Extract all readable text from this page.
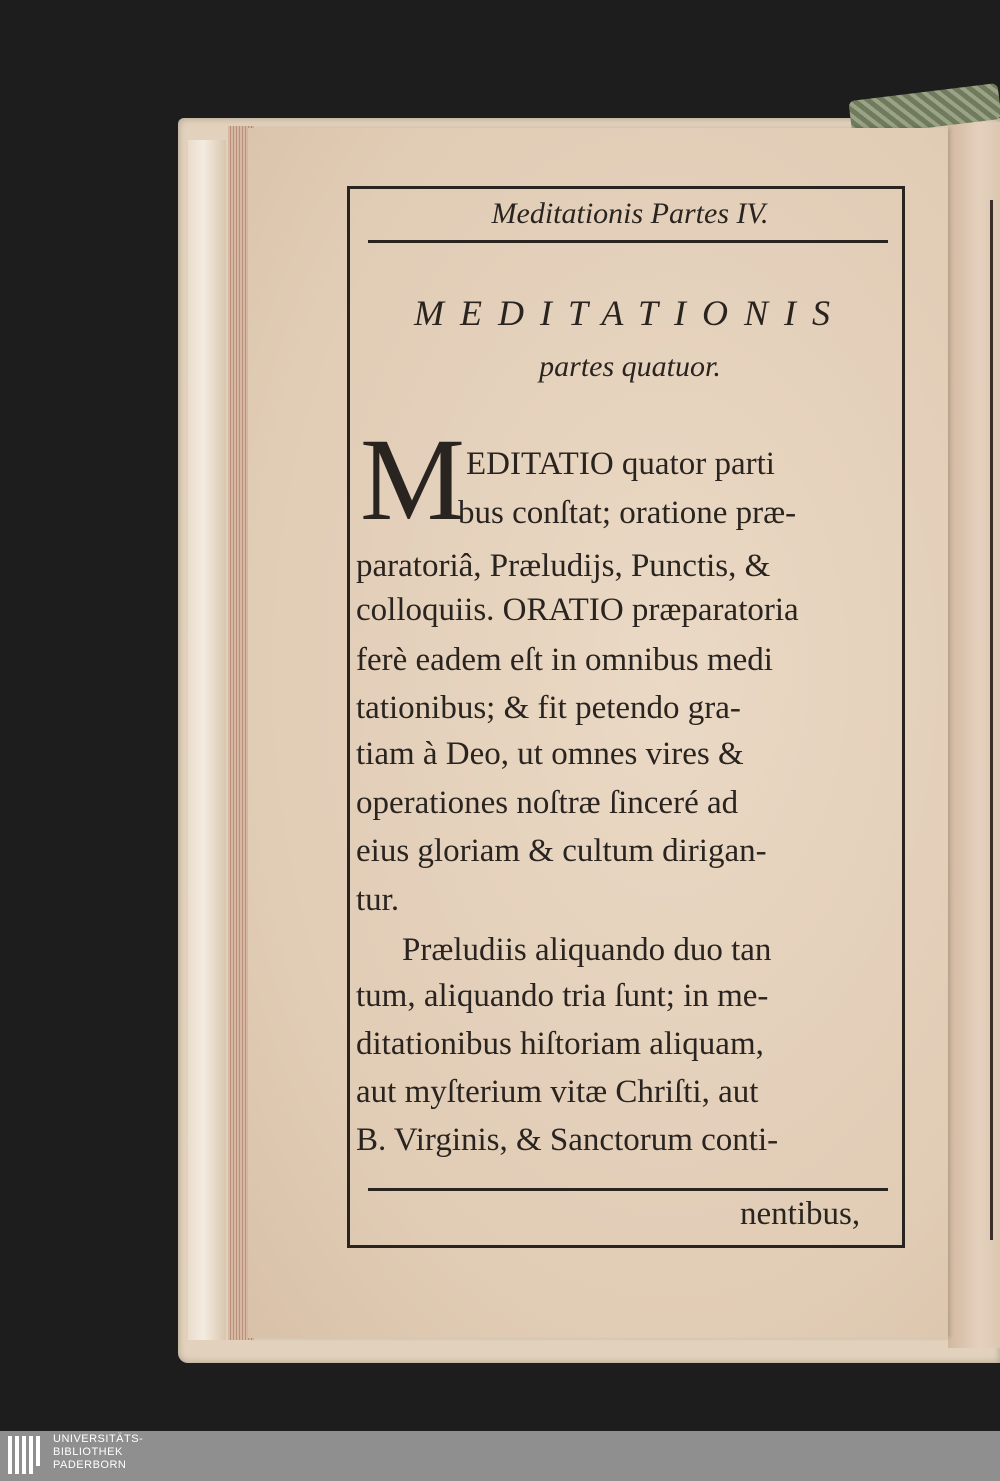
Meditationis Partes IV.
MEDITATIONIS
partes quatuor.
M EDITATIO quator parti
bus conſtat; oratione præ-
paratoriâ, Præludijs, Punctis, &
colloquiis. ORATIO præparatoria
ferè eadem eſt in omnibus medi
tationibus; & fit petendo gra-
tiam à Deo, ut omnes vires &
operationes noſtræ ſinceré ad
eius gloriam & cultum dirigan-
tur.
Præludiis aliquando duo tan
tum, aliquando tria ſunt; in me-
ditationibus hiſtoriam aliquam,
aut myſterium vitæ Chriſti, aut
B. Virginis, & Sanctorum conti-
nentibus,
UNIVERSITÄTS-
BIBLIOTHEK
PADERBORN
